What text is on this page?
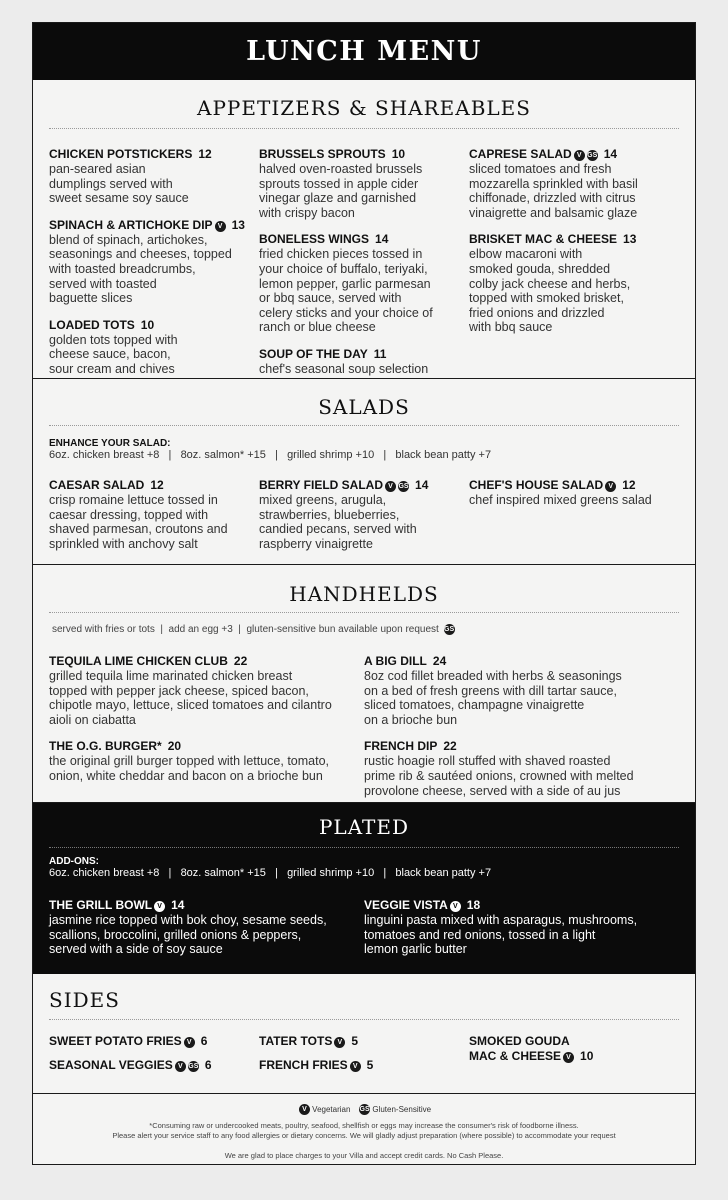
LUNCH MENU
APPETIZERS & SHAREABLES
CHICKEN POTSTICKERS 12
pan-seared asian
dumplings served with
sweet sesame soy sauce
SPINACH & ARTICHOKE DIP V 13
blend of spinach, artichokes,
seasonings and cheeses, topped
with toasted breadcrumbs,
served with toasted
baguette slices
LOADED TOTS 10
golden tots topped with
cheese sauce, bacon,
sour cream and chives
BRUSSELS SPROUTS 10
halved oven-roasted brussels
sprouts tossed in apple cider
vinegar glaze and garnished
with crispy bacon
BONELESS WINGS 14
fried chicken pieces tossed in
your choice of buffalo, teriyaki,
lemon pepper, garlic parmesan
or bbq sauce, served with
celery sticks and your choice of
ranch or blue cheese
SOUP OF THE DAY 11
chef's seasonal soup selection
CAPRESE SALAD V GS 14
sliced tomatoes and fresh
mozzarella sprinkled with basil
chiffonade, drizzled with citrus
vinaigrette and balsamic glaze
BRISKET MAC & CHEESE 13
elbow macaroni with
smoked gouda, shredded
colby jack cheese and herbs,
topped with smoked brisket,
fried onions and drizzled
with bbq sauce
SALADS
ENHANCE YOUR SALAD:
6oz. chicken breast +8   |   8oz. salmon* +15   |   grilled shrimp +10   |   black bean patty +7
CAESAR SALAD 12
crisp romaine lettuce tossed in
caesar dressing, topped with
shaved parmesan, croutons and
sprinkled with anchovy salt
BERRY FIELD SALAD V GS 14
mixed greens, arugula,
strawberries, blueberries,
candied pecans, served with
raspberry vinaigrette
CHEF'S HOUSE SALAD V 12
chef inspired mixed greens salad
HANDHELDS
served with fries or tots  |  add an egg +3  |  gluten-sensitive bun available upon request GS
TEQUILA LIME CHICKEN CLUB 22
grilled tequila lime marinated chicken breast
topped with pepper jack cheese, spiced bacon,
chipotle mayo, lettuce, sliced tomatoes and cilantro
aioli on ciabatta
THE O.G. BURGER* 20
the original grill burger topped with lettuce, tomato,
onion, white cheddar and bacon on a brioche bun
A BIG DILL 24
8oz cod fillet breaded with herbs & seasonings
on a bed of fresh greens with dill tartar sauce,
sliced tomatoes, champagne vinaigrette
on a brioche bun
FRENCH DIP 22
rustic hoagie roll stuffed with shaved roasted
prime rib & sautéed onions, crowned with melted
provolone cheese, served with a side of au jus
PLATED
ADD-ONS:
6oz. chicken breast +8   |   8oz. salmon* +15   |   grilled shrimp +10   |   black bean patty +7
THE GRILL BOWL V 14
jasmine rice topped with bok choy, sesame seeds,
scallions, broccolini, grilled onions & peppers,
served with a side of soy sauce
VEGGIE VISTA V 18
linguini pasta mixed with asparagus, mushrooms,
tomatoes and red onions, tossed in a light
lemon garlic butter
SIDES
SWEET POTATO FRIES V 6
SEASONAL VEGGIES V GS 6
TATER TOTS V 5
FRENCH FRIES V 5
SMOKED GOUDA
MAC & CHEESE V 10
V Vegetarian GS Gluten-Sensitive
*Consuming raw or undercooked meats, poultry, seafood, shellfish or eggs may increase the consumer's risk of foodborne illness.
Please alert your service staff to any food allergies or dietary concerns. We will gladly adjust preparation (where possible) to accommodate your request
We are glad to place charges to your Villa and accept credit cards. No Cash Please.
